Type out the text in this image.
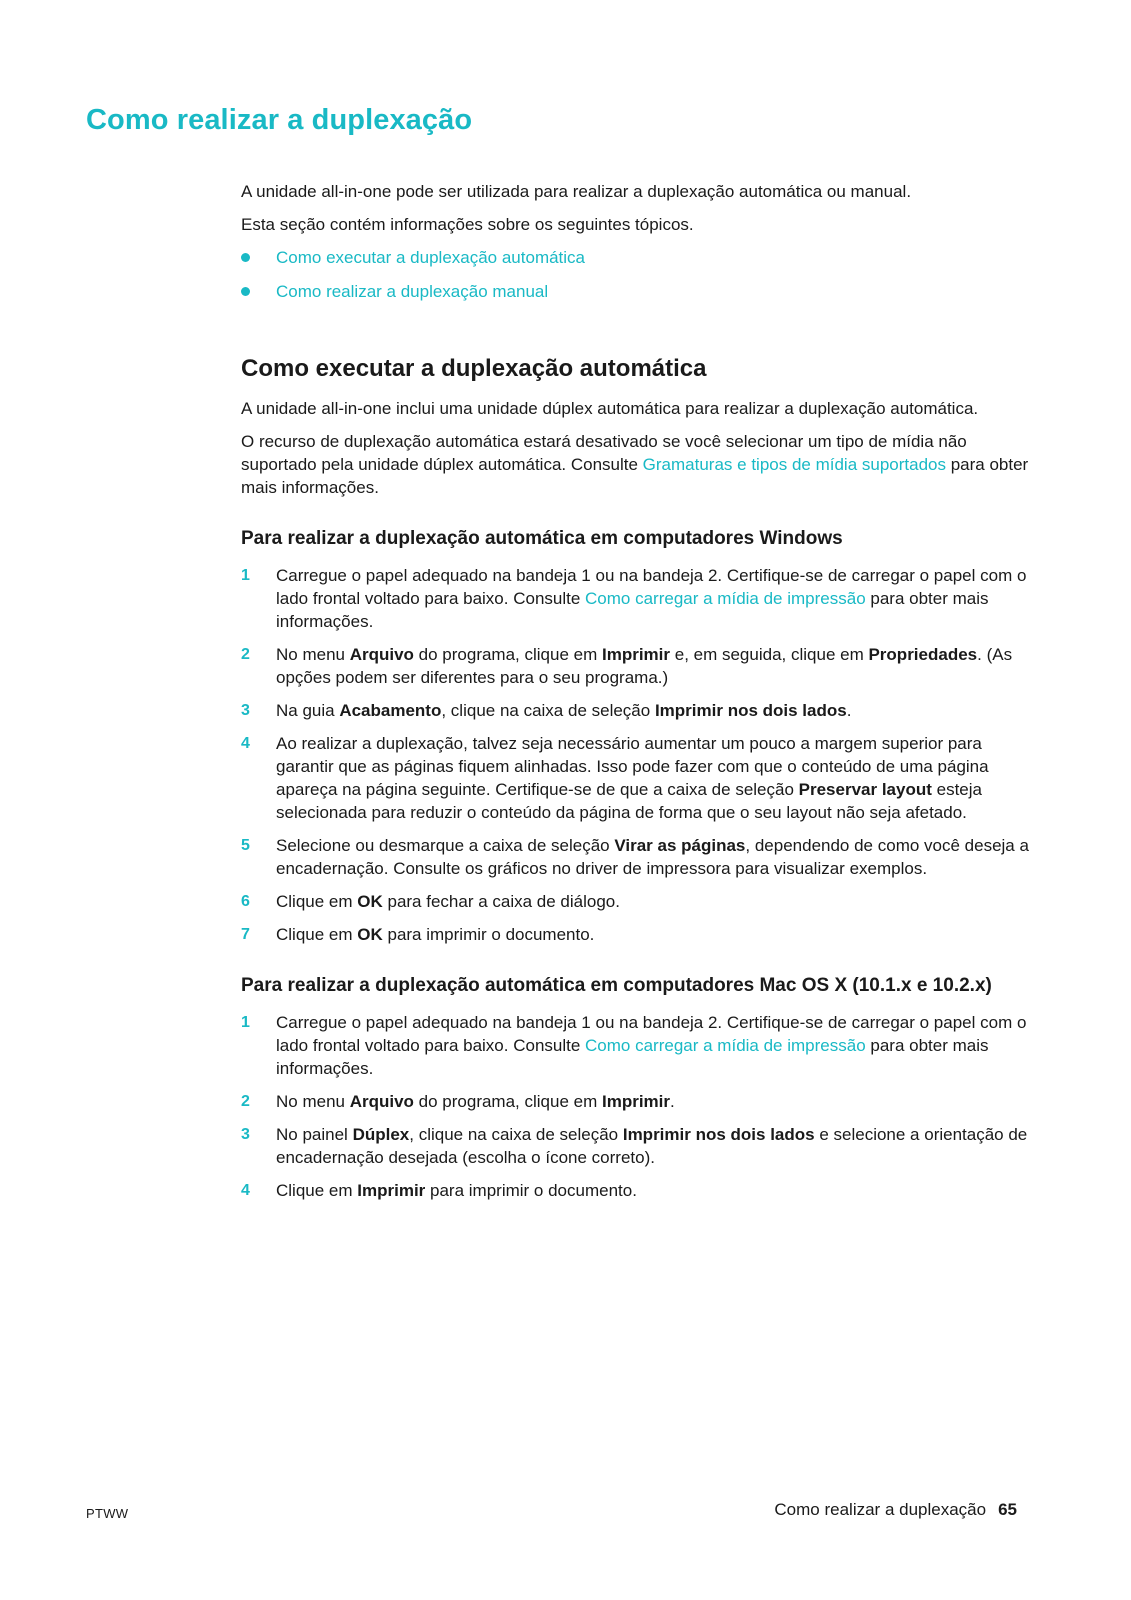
Como realizar a duplexação

A unidade all-in-one pode ser utilizada para realizar a duplexação automática ou manual.

Esta seção contém informações sobre os seguintes tópicos.

Como executar a duplexação automática
Como realizar a duplexação manual
Como executar a duplexação automática

A unidade all-in-one inclui uma unidade dúplex automática para realizar a duplexação automática.

O recurso de duplexação automática estará desativado se você selecionar um tipo de mídia não suportado pela unidade dúplex automática. Consulte Gramaturas e tipos de mídia suportados para obter mais informações.

Para realizar a duplexação automática em computadores Windows
1 Carregue o papel adequado na bandeja 1 ou na bandeja 2. Certifique-se de carregar o papel com o lado frontal voltado para baixo. Consulte Como carregar a mídia de impressão para obter mais informações.
2 No menu Arquivo do programa, clique em Imprimir e, em seguida, clique em Propriedades. (As opções podem ser diferentes para o seu programa.)
3 Na guia Acabamento, clique na caixa de seleção Imprimir nos dois lados.
4 Ao realizar a duplexação, talvez seja necessário aumentar um pouco a margem superior para garantir que as páginas fiquem alinhadas. Isso pode fazer com que o conteúdo de uma página apareça na página seguinte. Certifique-se de que a caixa de seleção Preservar layout esteja selecionada para reduzir o conteúdo da página de forma que o seu layout não seja afetado.
5 Selecione ou desmarque a caixa de seleção Virar as páginas, dependendo de como você deseja a encadernação. Consulte os gráficos no driver de impressora para visualizar exemplos.
6 Clique em OK para fechar a caixa de diálogo.
7 Clique em OK para imprimir o documento.
Para realizar a duplexação automática em computadores Mac OS X (10.1.x e 10.2.x)
1 Carregue o papel adequado na bandeja 1 ou na bandeja 2. Certifique-se de carregar o papel com o lado frontal voltado para baixo. Consulte Como carregar a mídia de impressão para obter mais informações.
2 No menu Arquivo do programa, clique em Imprimir.
3 No painel Dúplex, clique na caixa de seleção Imprimir nos dois lados e selecione a orientação de encadernação desejada (escolha o ícone correto).
4 Clique em Imprimir para imprimir o documento.
PTWW	Como realizar a duplexação 65
